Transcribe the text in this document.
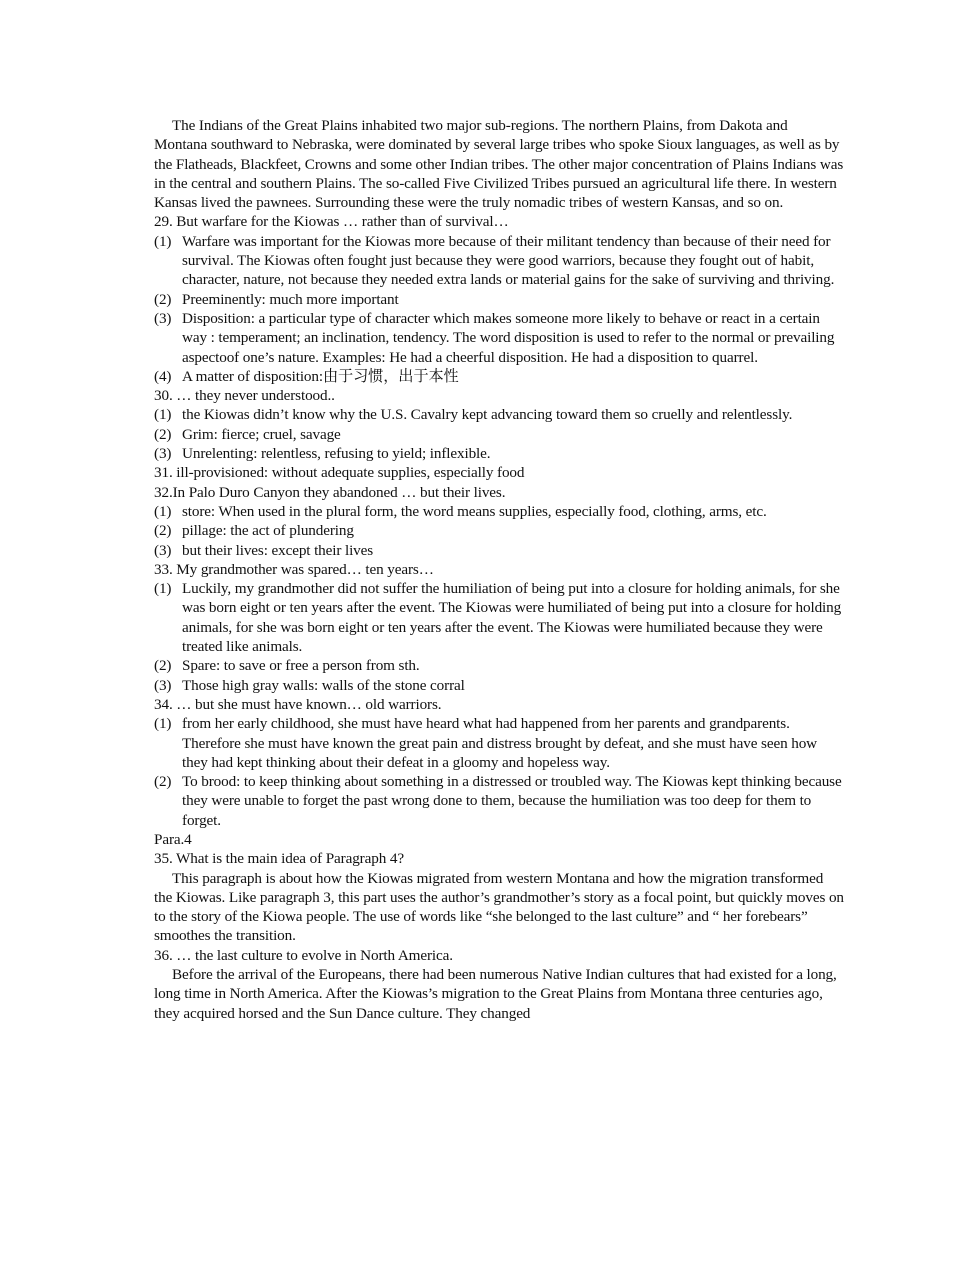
The Indians of the Great Plains inhabited two major sub-regions. The northern Plains, from Dakota and Montana southward to Nebraska, were dominated by several large tribes who spoke Sioux languages, as well as by the Flatheads, Blackfeet, Crowns and some other Indian tribes. The other major concentration of Plains Indians was in the central and southern Plains. The so-called Five Civilized Tribes pursued an agricultural life there. In western Kansas lived the pawnees. Surrounding these were the truly nomadic tribes of western Kansas, and so on.

29. But warfare for the Kiowas … rather than of survival…

(1) Warfare was important for the Kiowas more because of their militant tendency than because of their need for survival. The Kiowas often fought just because they were good warriors, because they fought out of habit, character, nature, not because they needed extra lands or material gains for the sake of surviving and thriving.

(2) Preeminently: much more important

(3) Disposition: a particular type of character which makes someone more likely to behave or react in a certain way : temperament; an inclination, tendency. The word disposition is used to refer to the normal or prevailing aspectoof one’s nature. Examples: He had a cheerful disposition. He had a disposition to quarrel.

(4) A matter of disposition:由于习惯，出于本性

30. … they never understood..

(1) the Kiowas didn’t know why the U.S. Cavalry kept advancing toward them so cruelly and relentlessly.

(2) Grim: fierce; cruel, savage

(3) Unrelenting: relentless, refusing to yield; inflexible.

31. ill-provisioned: without adequate supplies, especially food

32.In Palo Duro Canyon they abandoned … but their lives.

(1) store: When used in the plural form, the word means supplies, especially food, clothing, arms, etc.

(2) pillage: the act of plundering

(3) but their lives: except their lives

33. My grandmother was spared… ten years…

(1) Luckily, my grandmother did not suffer the humiliation of being put into a closure for holding animals, for she was born eight or ten years after the event. The Kiowas were humiliated of being put into a closure for holding animals, for she was born eight or ten years after the event. The Kiowas were humiliated because they were treated like animals.

(2) Spare: to save or free a person from sth.

(3) Those high gray walls: walls of the stone corral

34. … but she must have known… old warriors.

(1) from her early childhood, she must have heard what had happened from her parents and grandparents. Therefore she must have known the great pain and distress brought by defeat, and she must have seen how they had kept thinking about their defeat in a gloomy and hopeless way.

(2) To brood: to keep thinking about something in a distressed or troubled way. The Kiowas kept thinking because they were unable to forget the past wrong done to them, because the humiliation was too deep for them to forget.

Para.4

35. What is the main idea of Paragraph 4?

This paragraph is about how the Kiowas migrated from western Montana and how the migration transformed the Kiowas. Like paragraph 3, this part uses the author’s grandmother’s story as a focal point, but quickly moves on to the story of the Kiowa people. The use of words like “she belonged to the last culture” and “ her forebears” smoothes the transition.

36. … the last culture to evolve in North America.

Before the arrival of the Europeans, there had been numerous Native Indian cultures that had existed for a long, long time in North America. After the Kiowas’s migration to the Great Plains from Montana three centuries ago, they acquired horsed and the Sun Dance culture. They changed
